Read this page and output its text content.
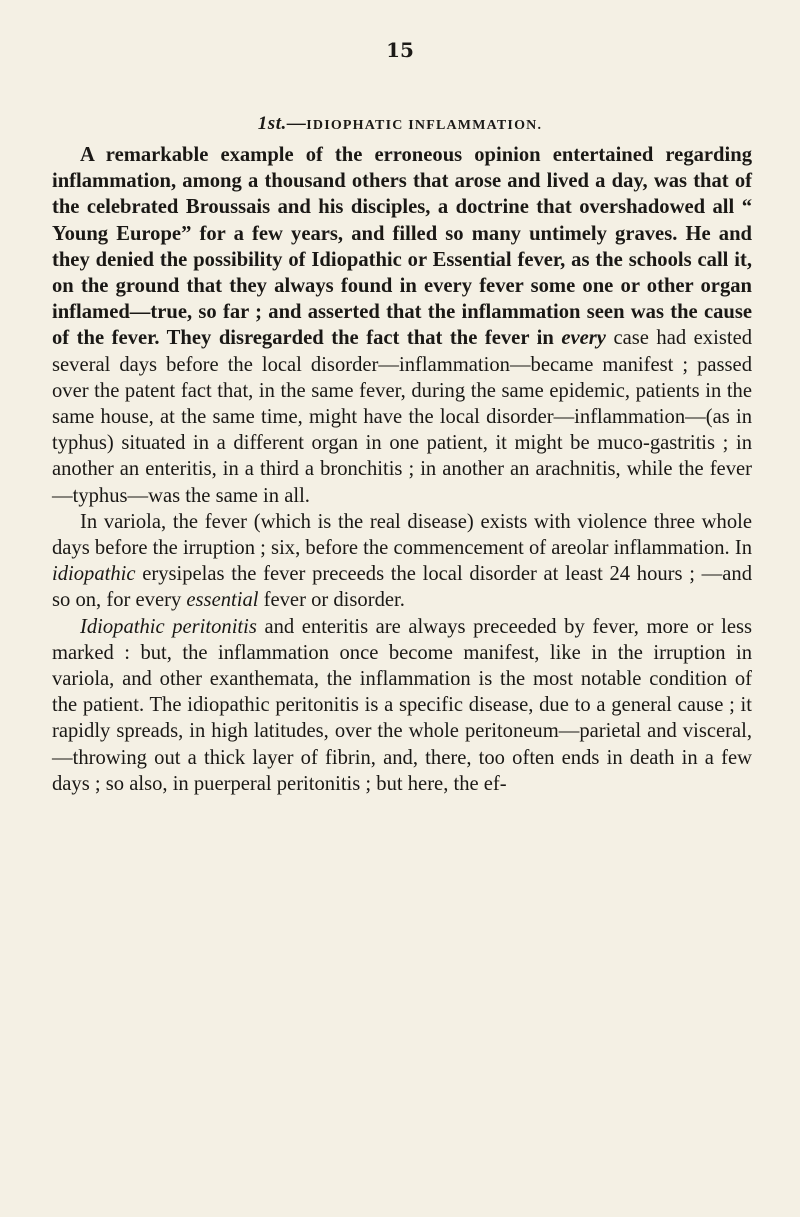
15
1st.—IDIOPHATIC INFLAMMATION.

A remarkable example of the erroneous opinion entertained regarding inflammation, among a thousand others that arose and lived a day, was that of the celebrated Broussais and his disciples, a doctrine that overshadowed all “ Young Europe” for a few years, and filled so many untimely graves. He and they denied the possibility of Idiopathic or Essential fever, as the schools call it, on the ground that they always found in every fever some one or other organ inflamed—true, so far ; and asserted that the inflammation seen was the cause of the fever. They disregarded the fact that the fever in every case had existed several days before the local disorder—inflammation—became manifest ; passed over the patent fact that, in the same fever, during the same epidemic, patients in the same house, at the same time, might have the local disorder—inflammation—(as in typhus) situated in a different organ in one patient, it might be muco-gastritis ; in another an enteritis, in a third a bronchitis ; in another an arachnitis, while the fever—typhus—was the same in all.

In variola, the fever (which is the real disease) exists with violence three whole days before the irruption ; six, before the commencement of areolar inflammation. In idiopathic erysipelas the fever preceeds the local disorder at least 24 hours ; —and so on, for every essential fever or disorder.

Idiopathic peritonitis and enteritis are always preceeded by fever, more or less marked : but, the inflammation once become manifest, like in the irruption in variola, and other exanthemata, the inflammation is the most notable condition of the patient. The idiopathic peritonitis is a specific disease, due to a general cause ; it rapidly spreads, in high latitudes, over the whole peritoneum—parietal and visceral,—throwing out a thick layer of fibrin, and, there, too often ends in death in a few days ; so also, in puerperal peritonitis ; but here, the ef-
